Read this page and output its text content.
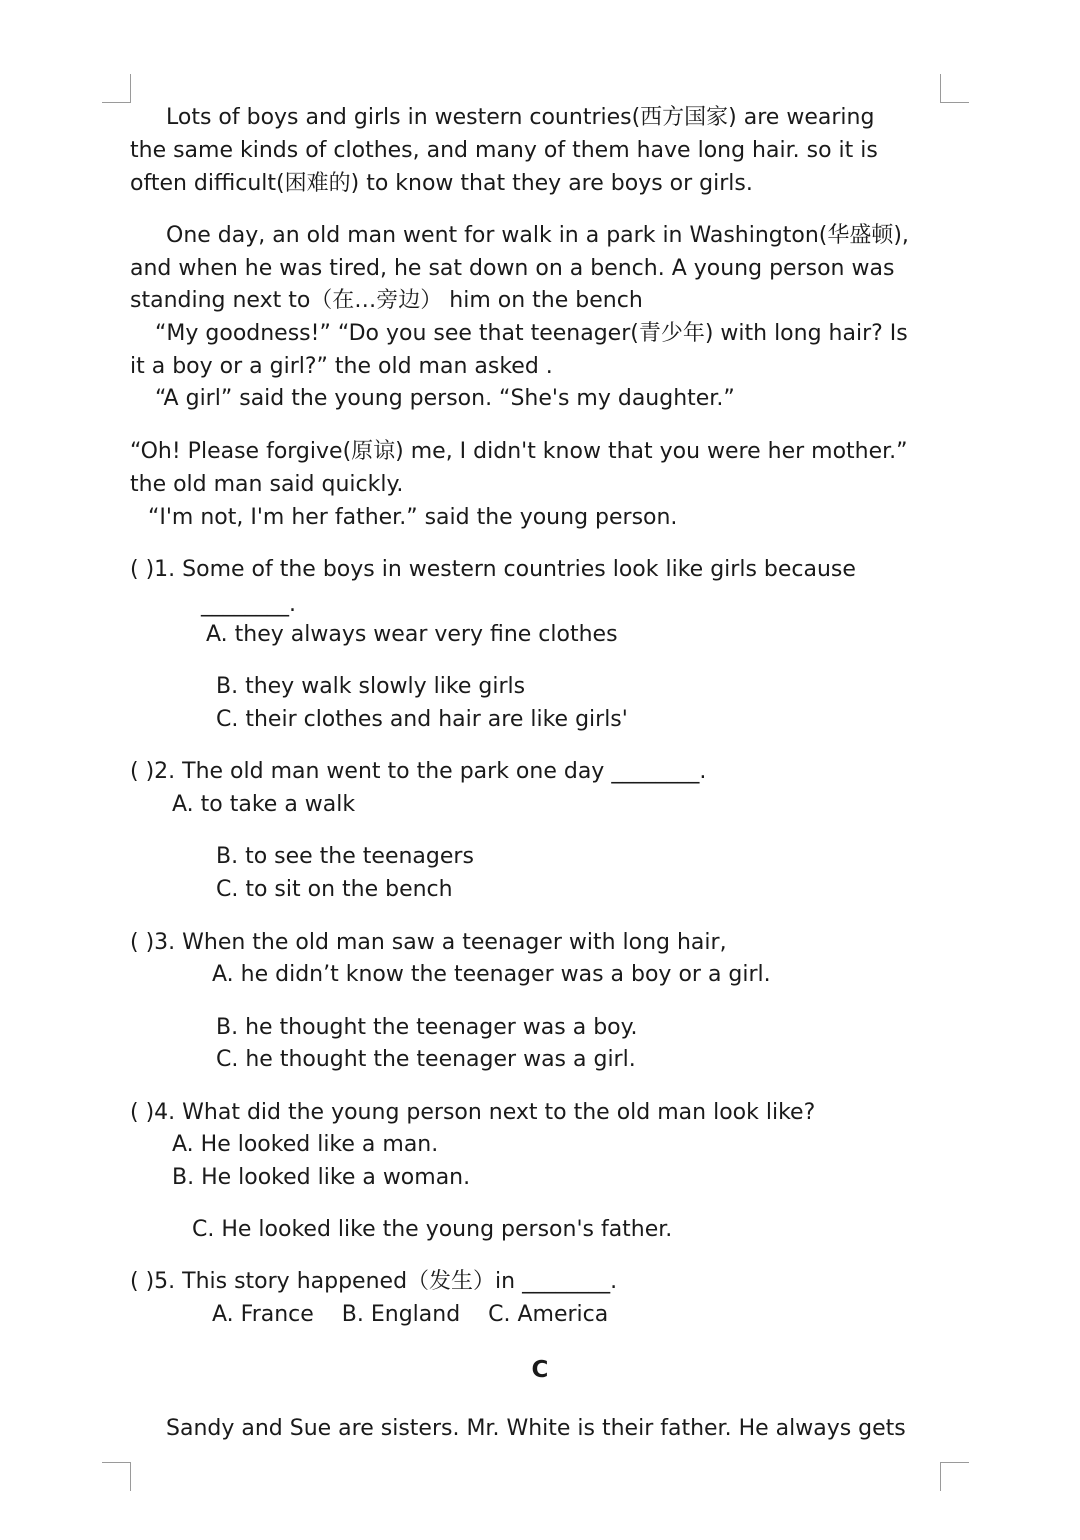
Lots of boys and girls in western countries(西方国家) are wearing
the same kinds of clothes, and many of them have long hair. so it is
often difficult(困难的) to know that they are boys or girls.
One day, an old man went for walk in a park in Washington(华盛顿),
and when he was tired, he sat down on a bench. A young person was
standing next to（在…旁边） him on the bench
“My goodness!” “Do you see that teenager(青少年) with long hair? Is
it a boy or a girl?” the old man asked .
“A girl” said the young person. “She's my daughter.”
“Oh! Please forgive(原谅) me, I didn't know that you were her mother.”
the old man said quickly.
“I'm not, I'm her father.” said the young person.
( )1. Some of the boys in western countries look like girls because
________.
A. they always wear very fine clothes
B. they walk slowly like girls
C. their clothes and hair are like girls'
( )2. The old man went to the park one day ________.
A. to take a walk
B. to see the teenagers
C. to sit on the bench
( )3. When the old man saw a teenager with long hair,
A. he didn’t know the teenager was a boy or a girl.
B. he thought the teenager was a boy.
C. he thought the teenager was a girl.
( )4. What did the young person next to the old man look like?
A. He looked like a man.
B. He looked like a woman.
C. He looked like the young person's father.
( )5. This story happened（发生）in ________.
A. France    B. England    C. America
C
Sandy and Sue are sisters. Mr. White is their father. He always gets
